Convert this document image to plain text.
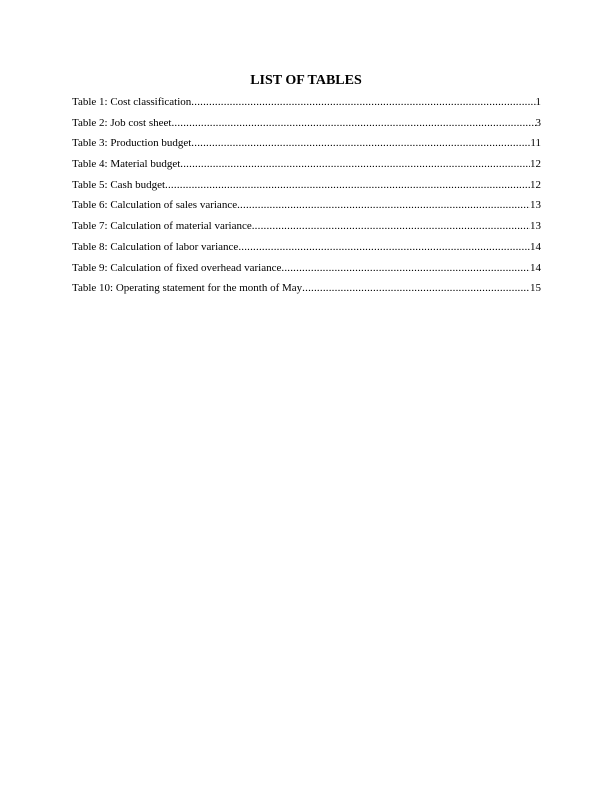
LIST OF TABLES
Table 1: Cost classification .....	1
Table 2: Job cost sheet .....	3
Table 3: Production budget .....	11
Table 4: Material budget .....	12
Table 5: Cash budget .....	12
Table 6: Calculation of sales variance .....	13
Table 7: Calculation of material variance .....	13
Table 8: Calculation of labor variance .....	14
Table 9: Calculation of fixed overhead variance .....	14
Table 10: Operating statement for the month of May .....	15
